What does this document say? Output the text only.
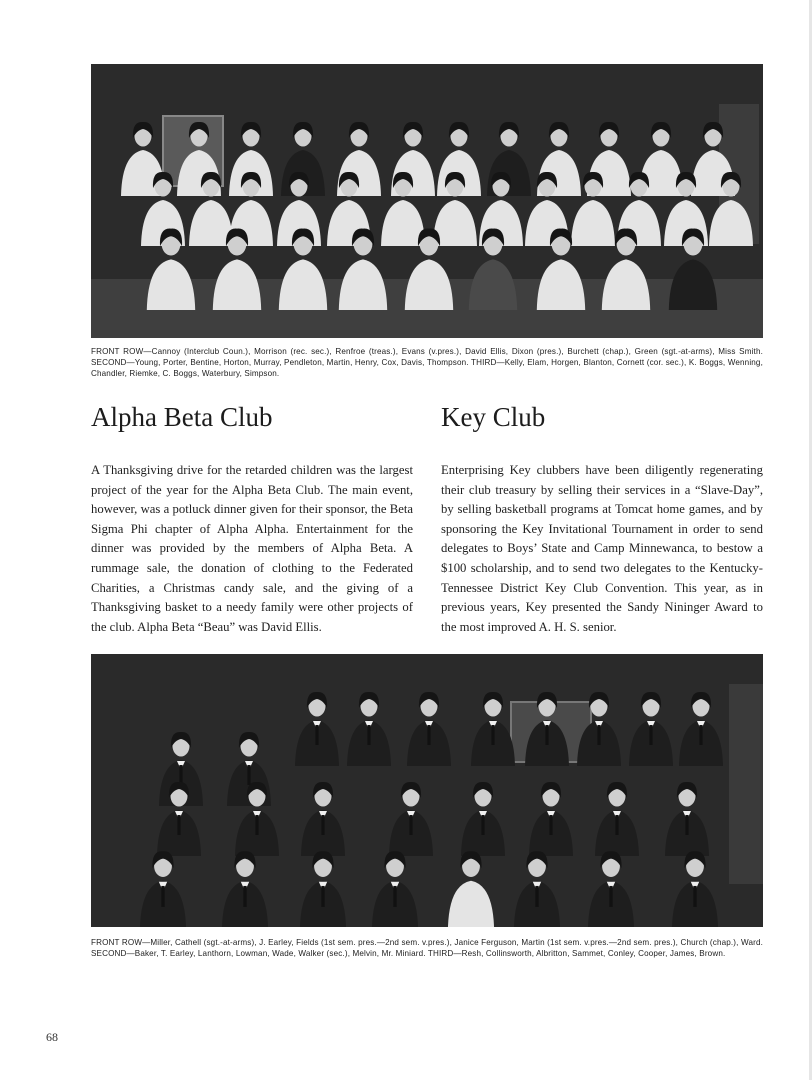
FRONT ROW—Cannoy (Interclub Coun.), Morrison (rec. sec.), Renfroe (treas.), Evans (v.pres.), David Ellis, Dixon (pres.), Burchett (chap.), Green (sgt.-at-arms), Miss Smith. SECOND—Young, Porter, Bentine, Horton, Murray, Pendleton, Martin, Henry, Cox, Davis, Thompson. THIRD—Kelly, Elam, Horgen, Blanton, Cornett (cor. sec.), K. Boggs, Wenning, Chandler, Riemke, C. Boggs, Waterbury, Simpson.
Alpha Beta Club	Key Club

A Thanksgiving drive for the retarded children was the largest project of the year for the Alpha Beta Club. The main event, however, was a potluck dinner given for their sponsor, the Beta Sigma Phi chapter of Alpha Alpha. Entertainment for the dinner was provided by the members of Alpha Beta. A rummage sale, the donation of clothing to the Federated Charities, a Christmas candy sale, and the giving of a Thanksgiving basket to a needy family were other projects of the club. Alpha Beta “Beau” was David Ellis.

Enterprising Key clubbers have been diligently regenerating their club treasury by selling their services in a “Slave-Day”, by selling basketball programs at Tomcat home games, and by sponsoring the Key Invitational Tournament in order to send delegates to Boys’ State and Camp Minnewanca, to bestow a $100 scholarship, and to send two delegates to the Kentucky-Tennessee District Key Club Convention. This year, as in previous years, Key presented the Sandy Nininger Award to the most improved A. H. S. senior.

FRONT ROW—Miller, Cathell (sgt.-at-arms), J. Earley, Fields (1st sem. pres.—2nd sem. v.pres.), Janice Ferguson, Martin (1st sem. v.pres.—2nd sem. pres.), Church (chap.), Ward. SECOND—Baker, T. Earley, Lanthorn, Lowman, Wade, Walker (sec.), Melvin, Mr. Miniard. THIRD—Resh, Collinsworth, Albritton, Sammet, Conley, Cooper, James, Brown.
68
